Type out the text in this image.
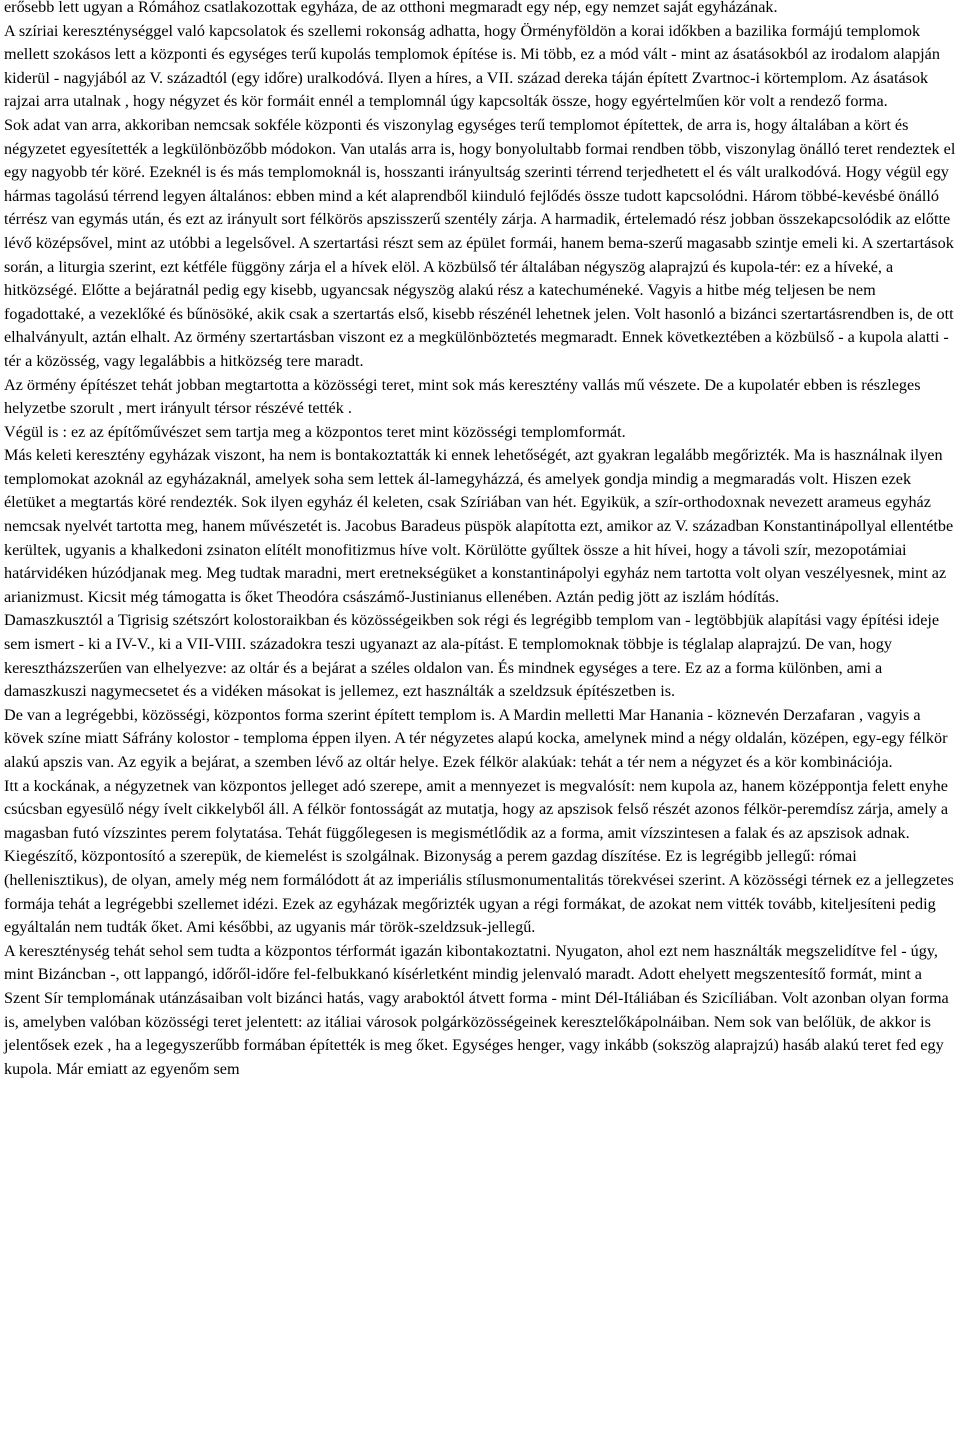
erősebb lett ugyan a Rómához csatlakozottak egyháza, de az otthoni megmaradt egy nép, egy nemzet saját egyházának.

A szíriai kereszténységgel való kapcsolatok és szellemi rokonság adhatta, hogy Örményföldön a korai időkben a bazilika formájú templomok mellett szokásos lett a központi és egységes terű kupolás templomok építése is. Mi több, ez a mód vált - mint az ásatásokból az irodalom alapján kiderül - nagyjából az V. századtól (egy időre) uralkodóvá. Ilyen a híres, a VII. század dereka táján épített Zvartnoc-i körtemplom. Az ásatások rajzai arra utalnak , hogy négyzet és kör formáit ennél a templomnál úgy kapcsolták össze, hogy egyértelműen kör volt a rendező forma.

Sok adat van arra, akkoriban nemcsak sokféle központi és viszonylag egységes terű templomot építettek, de arra is, hogy általában a kört és négyzetet egyesítették a legkülönbözőbb módokon. Van utalás arra is, hogy bonyolultabb formai rendben több, viszonylag önálló teret rendeztek el egy nagyobb tér köré. Ezeknél is és más templomoknál is, hosszanti irányultság szerinti térrend terjedhetett el és vált uralkodóvá. Hogy végül egy hármas tagolású térrend legyen általános: ebben mind a két alaprendből kiinduló fejlődés össze tudott kapcsolódni. Három többé-kevésbé önálló térrész van egymás után, és ezt az irányult sort félkörös apszisszerű szentély zárja. A harmadik, értelemadó rész jobban összekapcsolódik az előtte lévő középsővel, mint az utóbbi a legelsővel. A szertartási részt sem az épület formái, hanem bema-szerű magasabb szintje emeli ki. A szertartások során, a liturgia szerint, ezt kétféle függöny zárja el a hívek elöl. A közbülső tér általában négyszög alaprajzú és kupola-tér: ez a híveké, a hitközségé. Előtte a bejáratnál pedig egy kisebb, ugyancsak négyszög alakú rész a katechuméneké. Vagyis a hitbe még teljesen be nem fogadottaké, a vezeklőké és bűnösöké, akik csak a szertartás első, kisebb részénél lehetnek jelen. Volt hasonló a bizánci szertartásrendben is, de ott elhalványult, aztán elhalt. Az örmény szertartásban viszont ez a megkülönböztetés megmaradt. Ennek következtében a közbülső - a kupola alatti - tér a közösség, vagy legalábbis a hitközség tere maradt.

Az örmény építészet tehát jobban megtartotta a közösségi teret, mint sok más keresztény vallás mű vészete. De a kupolatér ebben is részleges helyzetbe szorult , mert irányult térsor részévé tették .

Végül is : ez az építőművészet sem tartja meg a központos teret mint közösségi templomformát.

Más keleti keresztény egyházak viszont, ha nem is bontakoztatták ki ennek lehetőségét, azt gyakran legalább megőrizték. Ma is használnak ilyen templomokat azoknál az egyházaknál, amelyek soha sem lettek ál-lamegyházzá, és amelyek gondja mindig a megmaradás volt. Hiszen ezek életüket a megtartás köré rendezték. Sok ilyen egyház él keleten, csak Szíriában van hét. Egyikük, a szír-orthodoxnak nevezett arameus egyház nemcsak nyelvét tartotta meg, hanem művészetét is. Jacobus Baradeus püspök alapította ezt, amikor az V. században Konstantinápollyal ellentétbe kerültek, ugyanis a khalkedoni zsinaton elítélt monofitizmus híve volt. Körülötte gyűltek össze a hit hívei, hogy a távoli szír, mezopotámiai határvidéken húzódjanak meg. Meg tudtak maradni, mert eretnekségüket a konstantinápolyi egyház nem tartotta volt olyan veszélyesnek, mint az arianizmust. Kicsit még támogatta is őket Theodóra császámő-Justinianus ellenében. Aztán pedig jött az iszlám hódítás.

Damaszkusztól a Tigrisig szétszórt kolostoraikban és közösségeikben sok régi és legrégibb templom van - legtöbbjük alapítási vagy építési ideje sem ismert - ki a IV-V., ki a VII-VIII. századokra teszi ugyanazt az ala-pítást. E templomoknak többje is téglalap alaprajzú. De van, hogy keresztházszerűen van elhelyezve: az oltár és a bejárat a széles oldalon van. És mindnek egységes a tere. Ez az a forma különben, ami a damaszkuszi nagymecsetet és a vidéken másokat is jellemez, ezt használták a szeldzsuk építészetben is.

De van a legrégebbi, közösségi, központos forma szerint épített templom is. A Mardin melletti Mar Hanania - köznevén Derzafaran , vagyis a kövek színe miatt Sáfrány kolostor - temploma éppen ilyen. A tér négyzetes alapú kocka, amelynek mind a négy oldalán, középen, egy-egy félkör alakú apszis van. Az egyik a bejárat, a szemben lévő az oltár helye. Ezek félkör alakúak: tehát a tér nem a négyzet és a kör kombinációja.

Itt a kockának, a négyzetnek van központos jelleget adó szerepe, amit a mennyezet is megvalósít: nem kupola az, hanem középpontja felett enyhe csúcsban egyesülő négy ívelt cikkelyből áll. A félkör fontosságát az mutatja, hogy az apszisok felső részét azonos félkör-peremdísz zárja, amely a magasban futó vízszintes perem folytatása. Tehát függőlegesen is megismétlődik az a forma, amit vízszintesen a falak és az apszisok adnak. Kiegészítő, központosító a szerepük, de kiemelést is szolgálnak. Bizonyság a perem gazdag díszítése. Ez is legrégibb jellegű: római (hellenisztikus), de olyan, amely még nem formálódott át az imperiális stílusmonumentalitás törekvései szerint. A közösségi térnek ez a jellegzetes formája tehát a legrégebbi szellemet idézi. Ezek az egyházak megőrizték ugyan a régi formákat, de azokat nem vitték tovább, kiteljesíteni pedig egyáltalán nem tudták őket. Ami későbbi, az ugyanis már török-szeldzsuk-jellegű.

A kereszténység tehát sehol sem tudta a központos térformát igazán kibontakoztatni. Nyugaton, ahol ezt nem használták megszelidítve fel - úgy, mint Bizáncban -, ott lappangó, időről-időre fel-felbukkanó kísérletként mindig jelenvaló maradt. Adott ehelyett megszentesítő formát, mint a Szent Sír templomának utánzásaiban volt bizánci hatás, vagy araboktól átvett forma - mint Dél-Itáliában és Szicíliában. Volt azonban olyan forma is, amelyben valóban közösségi teret jelentett: az itáliai városok polgárközösségeinek keresztelőkápolnáiban. Nem sok van belőlük, de akkor is jelentősek ezek , ha a legegyszerűbb formában építették is meg őket. Egységes henger, vagy inkább (sokszög alaprajzú) hasáb alakú teret fed egy kupola. Már emiatt az egyenőm sem
